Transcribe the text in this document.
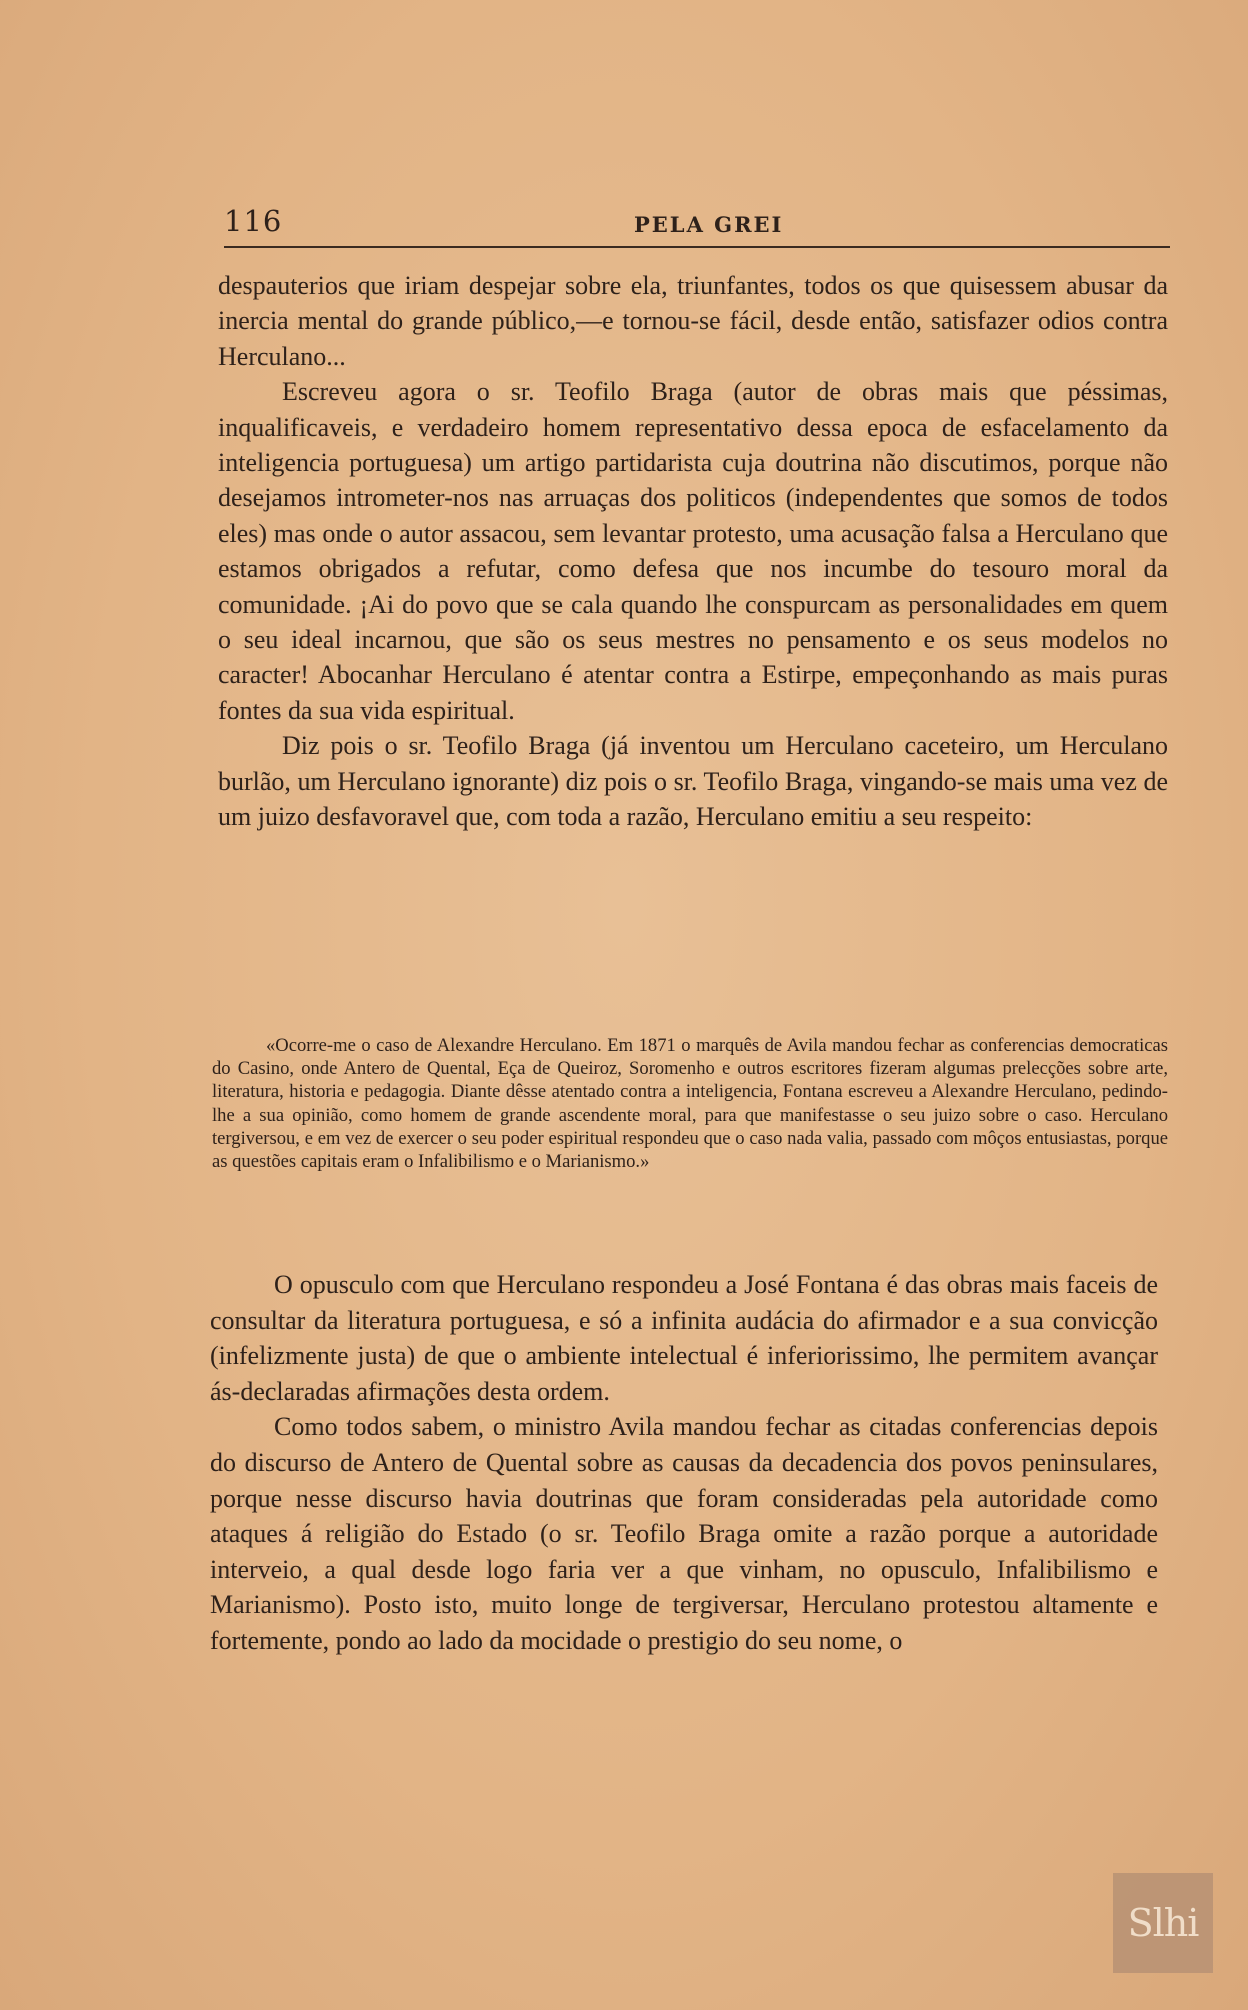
116	PELA GREI

despauterios que iriam despejar sobre ela, triunfantes, todos os que quisessem abusar da inercia mental do grande público,—e tornou-se fácil, desde então, satisfazer odios contra Herculano...

Escreveu agora o sr. Teofilo Braga (autor de obras mais que péssimas, inqualificaveis, e verdadeiro homem representativo dessa epoca de esfacelamento da inteligencia portuguesa) um artigo partidarista cuja doutrina não discutimos, porque não desejamos intrometer-nos nas arruaças dos politicos (independentes que somos de todos eles) mas onde o autor assacou, sem levantar protesto, uma acusação falsa a Herculano que estamos obrigados a refutar, como defesa que nos incumbe do tesouro moral da comunidade. ¡Ai do povo que se cala quando lhe conspurcam as personalidades em quem o seu ideal incarnou, que são os seus mestres no pensamento e os seus modelos no caracter! Abocanhar Herculano é atentar contra a Estirpe, empeçonhando as mais puras fontes da sua vida espiritual.

Diz pois o sr. Teofilo Braga (já inventou um Herculano caceteiro, um Herculano burlão, um Herculano ignorante) diz pois o sr. Teofilo Braga, vingando-se mais uma vez de um juizo desfavoravel que, com toda a razão, Herculano emitiu a seu respeito:

«Ocorre-me o caso de Alexandre Herculano. Em 1871 o marquês de Avila mandou fechar as conferencias democraticas do Casino, onde Antero de Quental, Eça de Queiroz, Soromenho e outros escritores fizeram algumas prelecções sobre arte, literatura, historia e pedagogia. Diante dêsse atentado contra a inteligencia, Fontana escreveu a Alexandre Herculano, pedindo-lhe a sua opinião, como homem de grande ascendente moral, para que manifestasse o seu juizo sobre o caso. Herculano tergiversou, e em vez de exercer o seu poder espiritual respondeu que o caso nada valia, passado com môços entusiastas, porque as questões capitais eram o Infalibilismo e o Marianismo.»

O opusculo com que Herculano respondeu a José Fontana é das obras mais faceis de consultar da literatura portuguesa, e só a infinita audácia do afirmador e a sua convicção (infelizmente justa) de que o ambiente intelectual é inferiorissimo, lhe permitem avançar ás-declaradas afirmações desta ordem.

Como todos sabem, o ministro Avila mandou fechar as citadas conferencias depois do discurso de Antero de Quental sobre as causas da decadencia dos povos peninsulares, porque nesse discurso havia doutrinas que foram consideradas pela autoridade como ataques á religião do Estado (o sr. Teofilo Braga omite a razão porque a autoridade interveio, a qual desde logo faria ver a que vinham, no opusculo, Infalibilismo e Marianismo). Posto isto, muito longe de tergiversar, Herculano protestou altamente e fortemente, pondo ao lado da mocidade o prestigio do seu nome, o

Slhi
